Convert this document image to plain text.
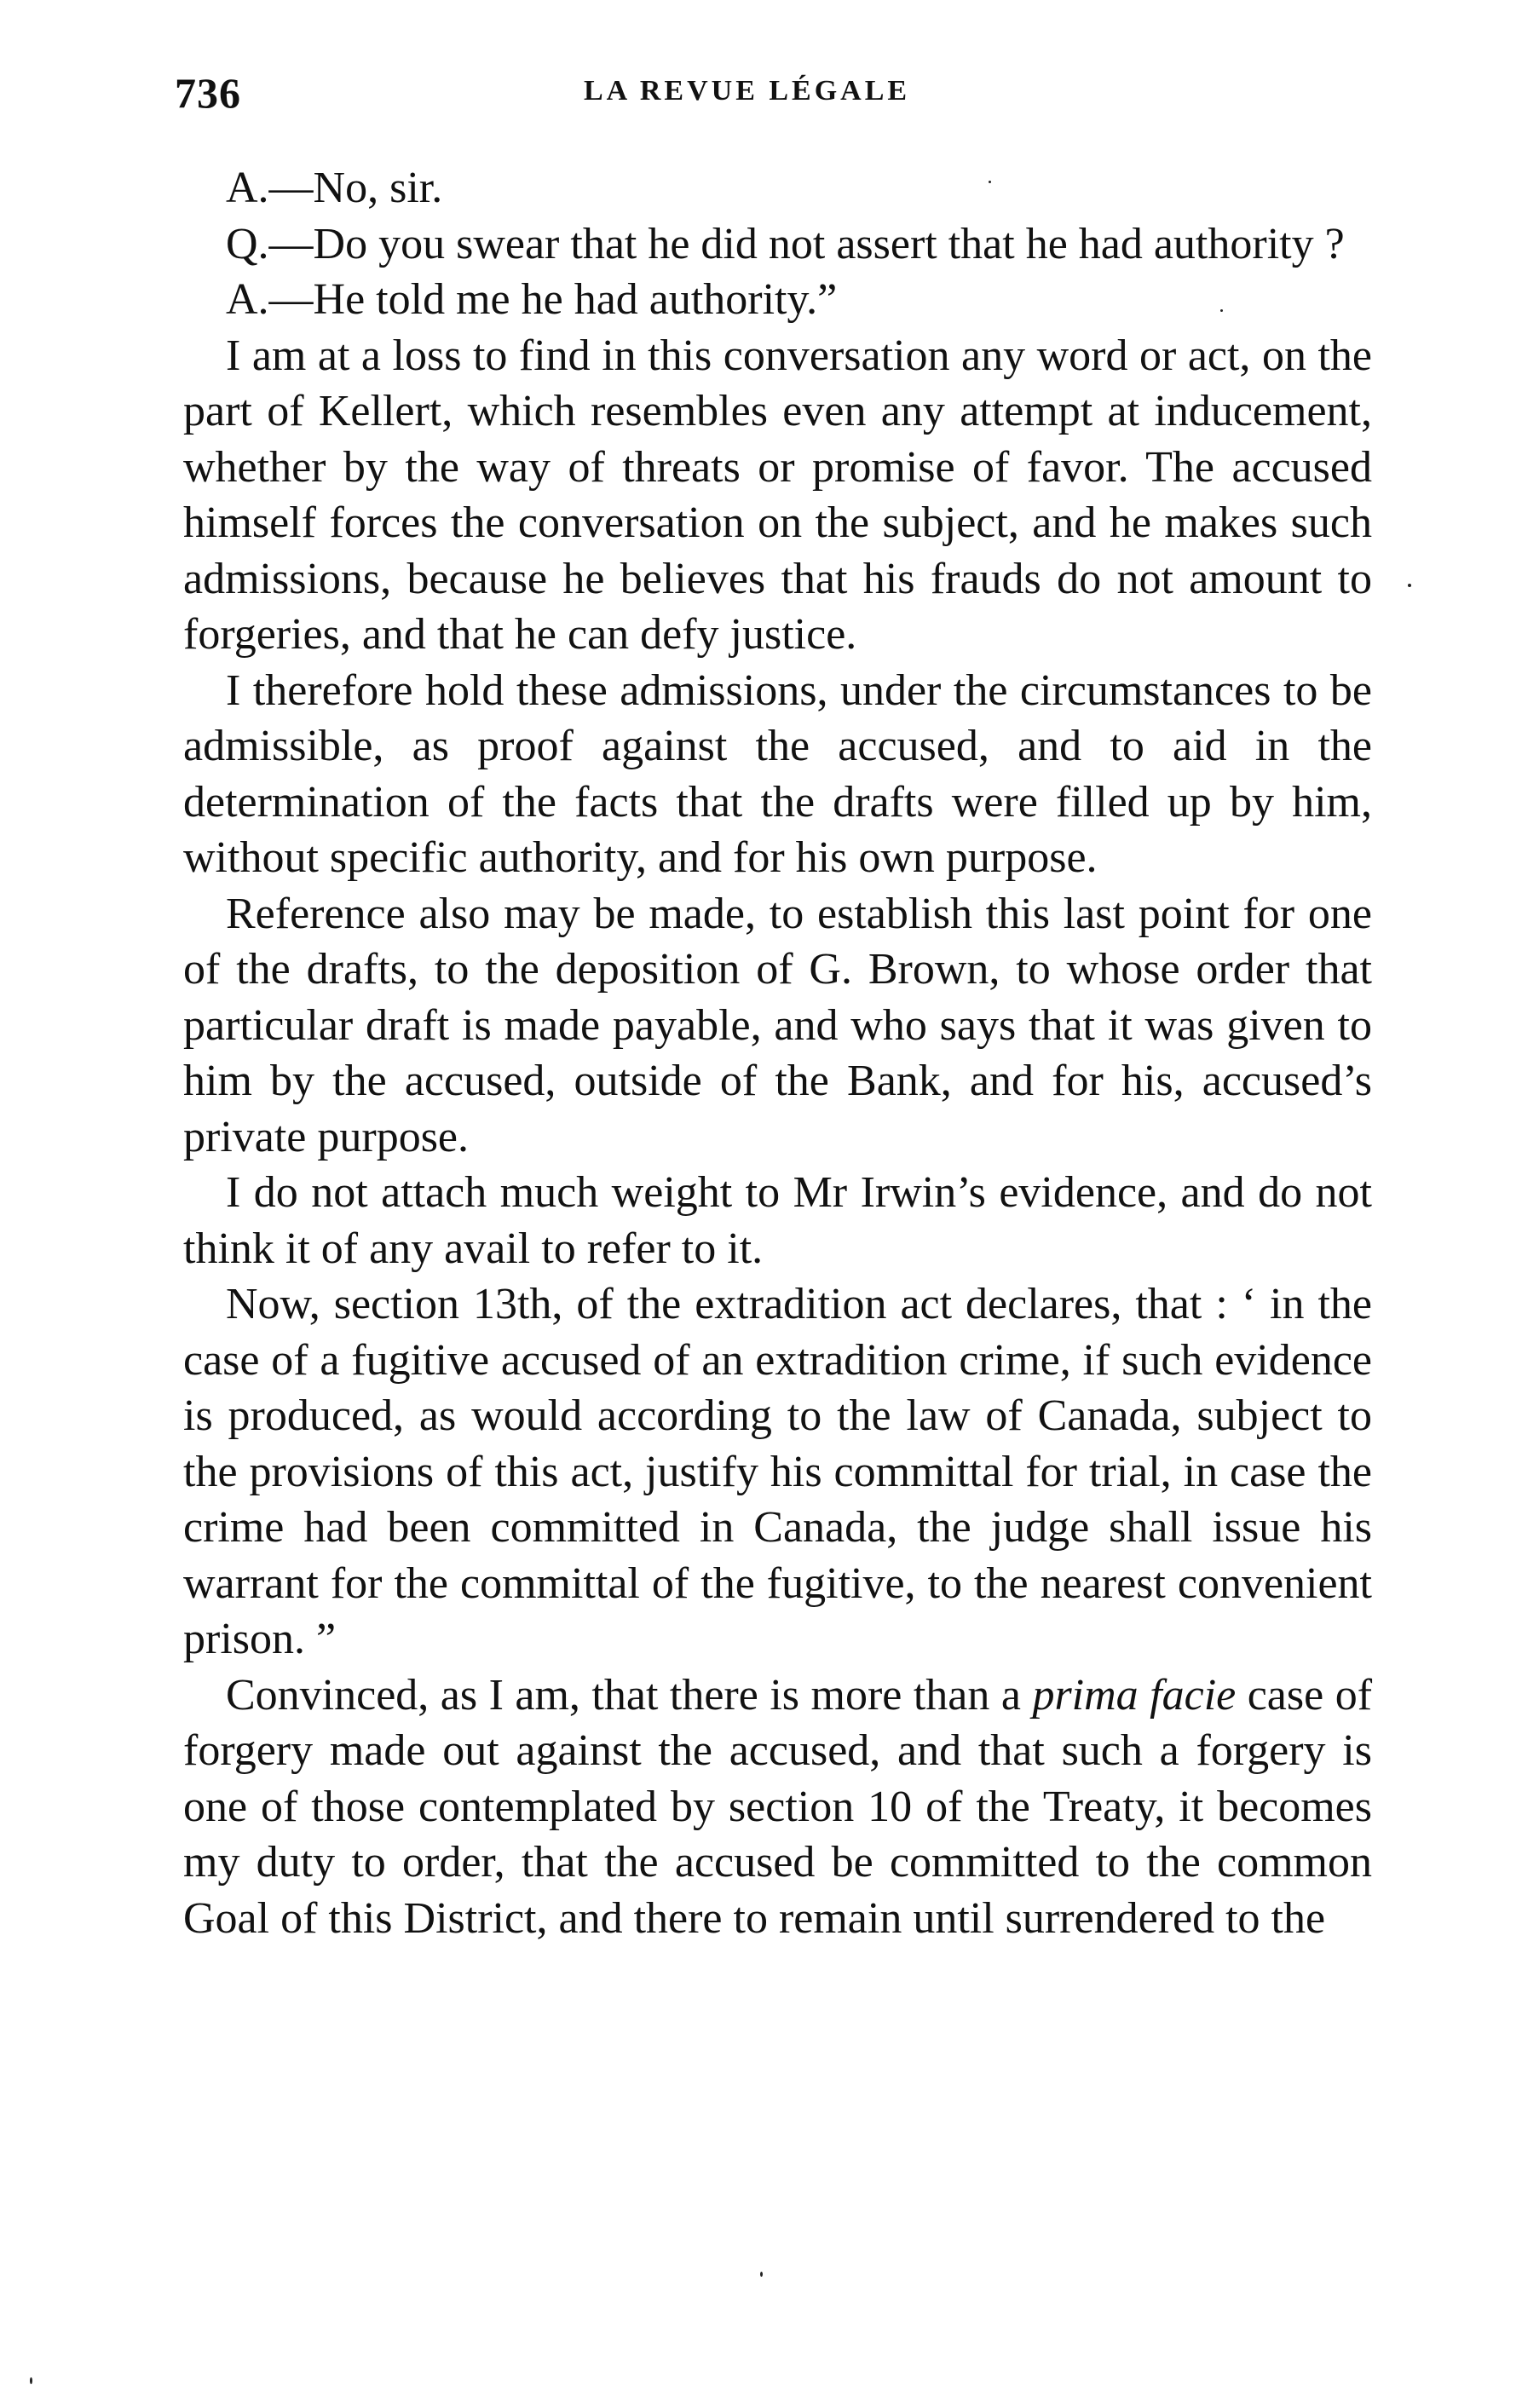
736	LA REVUE LÉGALE

A.—No, sir.

Q.—Do you swear that he did not assert that he had authority ?

A.—He told me he had authority.”

I am at a loss to find in this conversation any word or act, on the part of Kellert, which resembles even any attempt at inducement, whether by the way of threats or promise of favor. The accused himself forces the conversation on the subject, and he makes such admissions, because he believes that his frauds do not amount to forgeries, and that he can defy justice.

I therefore hold these admissions, under the circumstances to be admissible, as proof against the accused, and to aid in the determination of the facts that the drafts were filled up by him, without specific authority, and for his own purpose.

Reference also may be made, to establish this last point for one of the drafts, to the deposition of G. Brown, to whose order that particular draft is made payable, and who says that it was given to him by the accused, outside of the Bank, and for his, accused’s private purpose.

I do not attach much weight to Mr Irwin’s evidence, and do not think it of any avail to refer to it.

Now, section 13th, of the extradition act declares, that : ‘ in the case of a fugitive accused of an extradition crime, if such evidence is produced, as would according to the law of Canada, subject to the provisions of this act, justify his committal for trial, in case the crime had been committed in Canada, the judge shall issue his warrant for the committal of the fugitive, to the nearest convenient prison. ”

Convinced, as I am, that there is more than a prima facie case of forgery made out against the accused, and that such a forgery is one of those contemplated by section 10 of the Treaty, it becomes my duty to order, that the accused be committed to the common Goal of this District, and there to remain until surrendered to the
